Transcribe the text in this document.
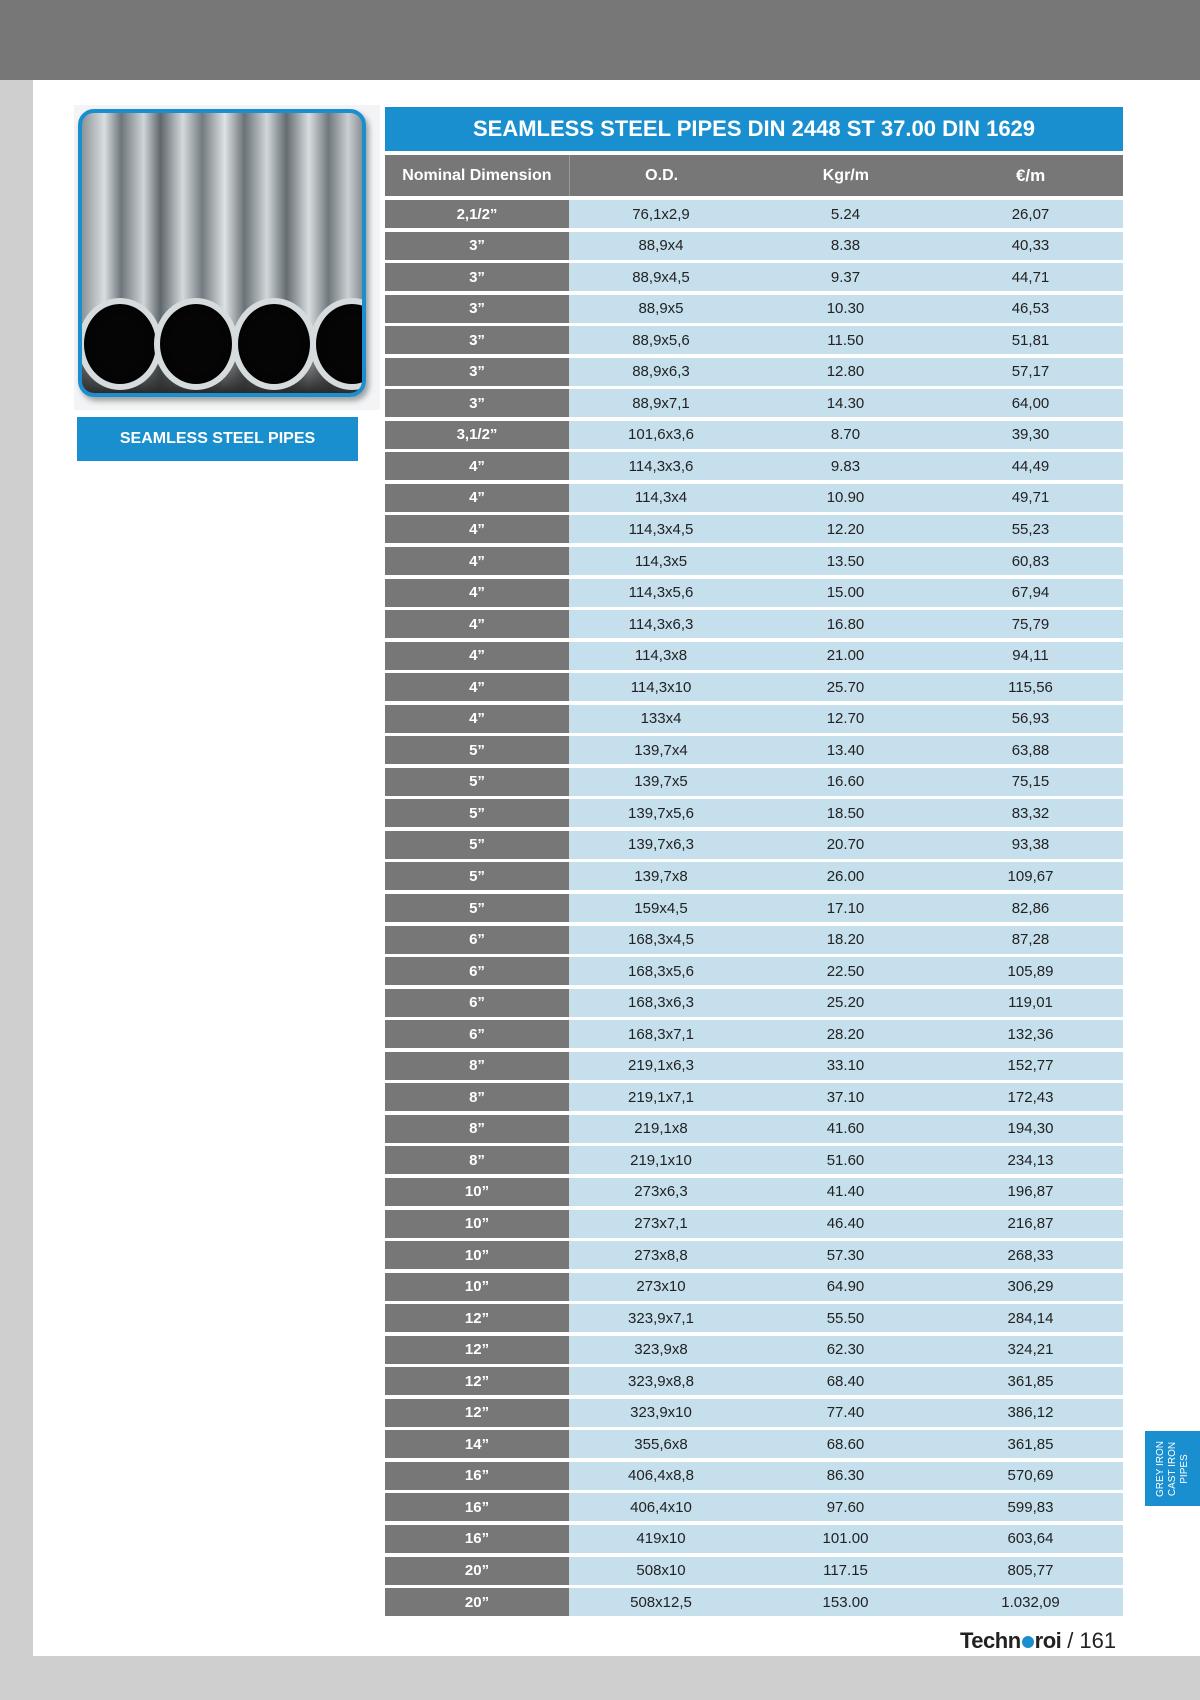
SEAMLESS STEEL PIPES
SEAMLESS STEEL PIPES DIN 2448 ST 37.00 DIN 1629
Nominal Dimension	O.D.	Kgr/m	€/m
2,1/2”	76,1x2,9	5.24	26,07
3”	88,9x4	8.38	40,33
3”	88,9x4,5	9.37	44,71
3”	88,9x5	10.30	46,53
3”	88,9x5,6	11.50	51,81
3”	88,9x6,3	12.80	57,17
3”	88,9x7,1	14.30	64,00
3,1/2”	101,6x3,6	8.70	39,30
4”	114,3x3,6	9.83	44,49
4”	114,3x4	10.90	49,71
4”	114,3x4,5	12.20	55,23
4”	114,3x5	13.50	60,83
4”	114,3x5,6	15.00	67,94
4”	114,3x6,3	16.80	75,79
4”	114,3x8	21.00	94,11
4”	114,3x10	25.70	115,56
4”	133x4	12.70	56,93
5”	139,7x4	13.40	63,88
5”	139,7x5	16.60	75,15
5”	139,7x5,6	18.50	83,32
5”	139,7x6,3	20.70	93,38
5”	139,7x8	26.00	109,67
5”	159x4,5	17.10	82,86
6”	168,3x4,5	18.20	87,28
6”	168,3x5,6	22.50	105,89
6”	168,3x6,3	25.20	119,01
6”	168,3x7,1	28.20	132,36
8”	219,1x6,3	33.10	152,77
8”	219,1x7,1	37.10	172,43
8”	219,1x8	41.60	194,30
8”	219,1x10	51.60	234,13
10”	273x6,3	41.40	196,87
10”	273x7,1	46.40	216,87
10”	273x8,8	57.30	268,33
10”	273x10	64.90	306,29
12”	323,9x7,1	55.50	284,14
12”	323,9x8	62.30	324,21
12”	323,9x8,8	68.40	361,85
12”	323,9x10	77.40	386,12
14”	355,6x8	68.60	361,85
16”	406,4x8,8	86.30	570,69
16”	406,4x10	97.60	599,83
16”	419x10	101.00	603,64
20”	508x10	117.15	805,77
20”	508x12,5	153.00	1.032,09
GREY IRON CAST IRON PIPES
Techn roi / 161
